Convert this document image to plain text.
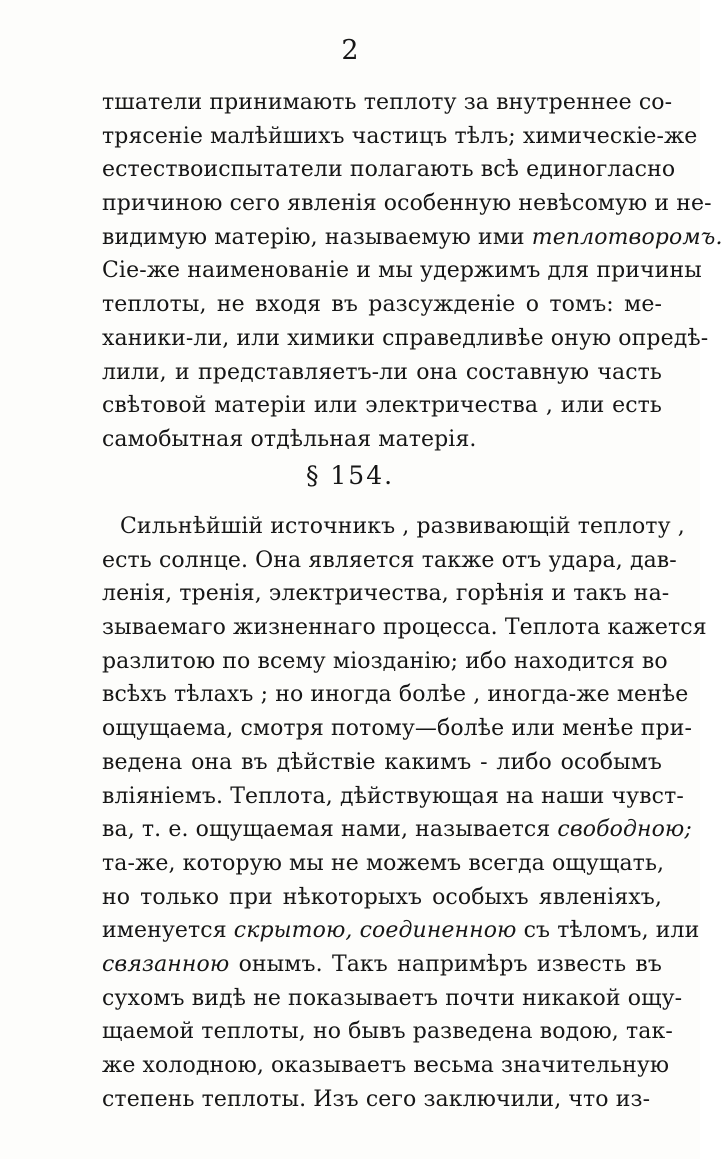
2
тшатели принимають теплоту за внутреннее со-
трясеніе малѣйшихъ частицъ тѣлъ; химическіе-же
естествоиспытатели полагають всѣ единогласно
причиною сего явленія особенную невѣсомую и не-
видимую матерію, называемую ими теплотворомъ.
Сіе-же наименованіе и мы удержимъ для причины
теплоты, не входя въ разсужденіе о томъ: ме-
ханики-ли, или химики справедливѣе оную опредѣ-
лили, и представляетъ-ли она составную часть
свѣтовой матеріи или электричества , или есть
самобытная отдѣльная матерія.
§ 154.
Сильнѣйшій источникъ , развивающій теплоту ,
есть солнце. Она является также отъ удара, дав-
ленія, тренія, электричества, горѣнія и такъ на-
зываемаго жизненнаго процесса. Теплота кажется
разлитою по всему міозданію; ибо находится во
всѣхъ тѣлахъ ; но иногда болѣе , иногда-же менѣе
ощущаема, смотря потому—болѣе или менѣе при-
ведена она въ дѣйствіе какимъ - либо особымъ
вліяніемъ. Теплота, дѣйствующая на наши чувст-
ва, т. е. ощущаемая нами, называется свободною;
та-же, которую мы не можемъ всегда ощущать,
но только при нѣкоторыхъ особыхъ явленіяхъ,
именуется скрытою, соединенною съ тѣломъ, или
связанною онымъ. Такъ напримѣръ известь въ
сухомъ видѣ не показываетъ почти никакой ощу-
щаемой теплоты, но бывъ разведена водою, так-
же холодною, оказываетъ весьма значительную
степень теплоты. Изъ сего заключили, что из-
